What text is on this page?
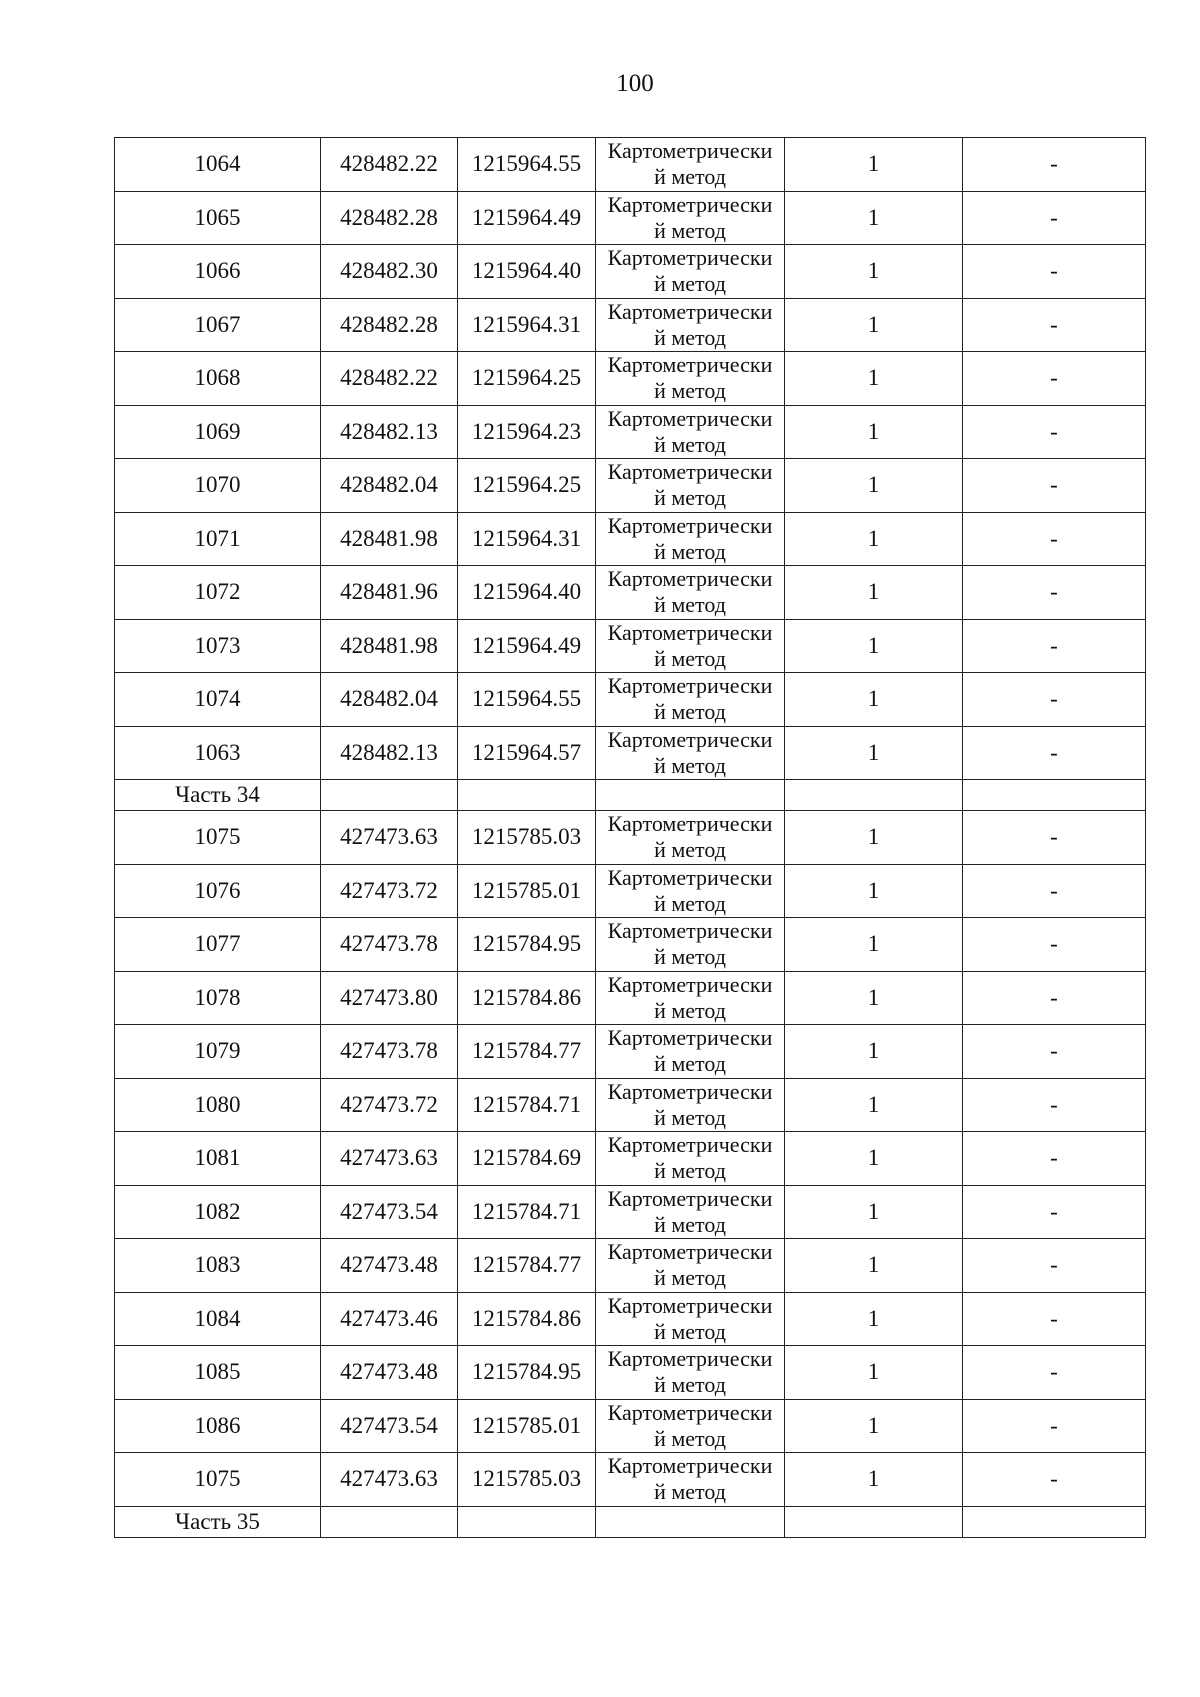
100
1064	428482.22	1215964.55	Картометрически
й метод	1	-
1065	428482.28	1215964.49	Картометрически
й метод	1	-
1066	428482.30	1215964.40	Картометрически
й метод	1	-
1067	428482.28	1215964.31	Картометрически
й метод	1	-
1068	428482.22	1215964.25	Картометрически
й метод	1	-
1069	428482.13	1215964.23	Картометрически
й метод	1	-
1070	428482.04	1215964.25	Картометрически
й метод	1	-
1071	428481.98	1215964.31	Картометрически
й метод	1	-
1072	428481.96	1215964.40	Картометрически
й метод	1	-
1073	428481.98	1215964.49	Картометрически
й метод	1	-
1074	428482.04	1215964.55	Картометрически
й метод	1	-
1063	428482.13	1215964.57	Картометрически
й метод	1	-
Часть 34					
1075	427473.63	1215785.03	Картометрически
й метод	1	-
1076	427473.72	1215785.01	Картометрически
й метод	1	-
1077	427473.78	1215784.95	Картометрически
й метод	1	-
1078	427473.80	1215784.86	Картометрически
й метод	1	-
1079	427473.78	1215784.77	Картометрически
й метод	1	-
1080	427473.72	1215784.71	Картометрически
й метод	1	-
1081	427473.63	1215784.69	Картометрически
й метод	1	-
1082	427473.54	1215784.71	Картометрически
й метод	1	-
1083	427473.48	1215784.77	Картометрически
й метод	1	-
1084	427473.46	1215784.86	Картометрически
й метод	1	-
1085	427473.48	1215784.95	Картометрически
й метод	1	-
1086	427473.54	1215785.01	Картометрически
й метод	1	-
1075	427473.63	1215785.03	Картометрически
й метод	1	-
Часть 35					
